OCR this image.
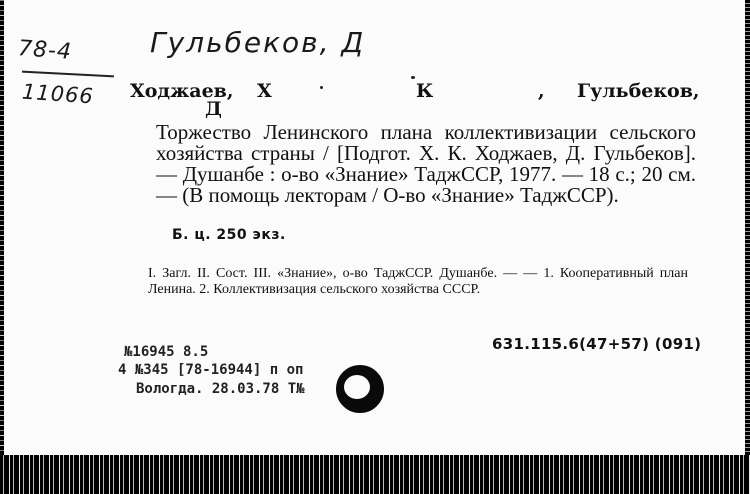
Гульбеков, Д
78-4
11066 Ходжаев, Х	К	, Гульбеков,
Д

Торжество Ленинского плана коллективизации сельского хозяйства страны / [Подгот. Х. К. Ходжаев, Д. Гульбеков]. — Душанбе : о-во «Знание» ТаджССР, 1977. — 18 с.; 20 см. — (В помощь лекторам / О-во «Знание» ТаджССР).

Б. ц. 250 экз.

I. Загл. II. Сост. III. «Знание», о-во ТаджССР. Душанбе. — — 1. Кооперативный план Ленина. 2. Коллективизация сельского хозяйства СССР.

631.115.6(47+57) (091)
№16945 8.5
4 №345 [78-16944] п оп
Вологда. 28.03.78 Т№
